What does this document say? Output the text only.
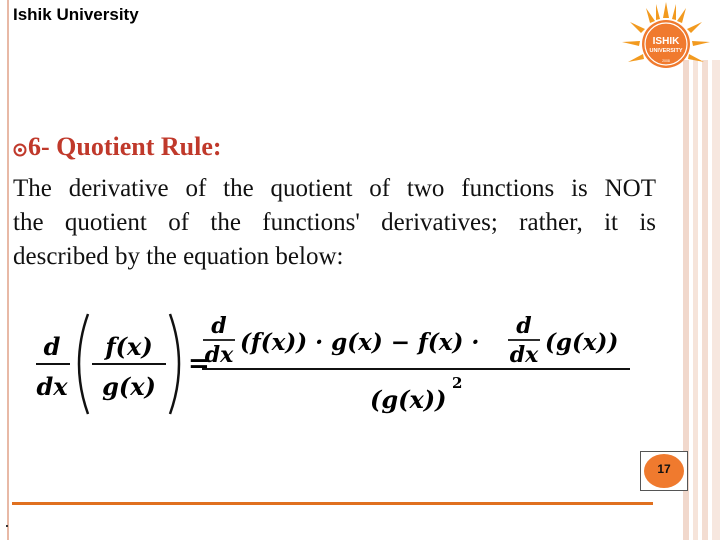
Ishik University
ISHIK
UNIVERSITY
2008
6- Quotient Rule:
The derivative of the quotient of two functions is NOT
the quotient of the functions' derivatives; rather, it is
described by the equation below:
d
dx
f(x)
g(x)
=
d
dx (f(x)) · g(x) − f(x) ·
d
dx (g(x))
(g(x))
2
17
